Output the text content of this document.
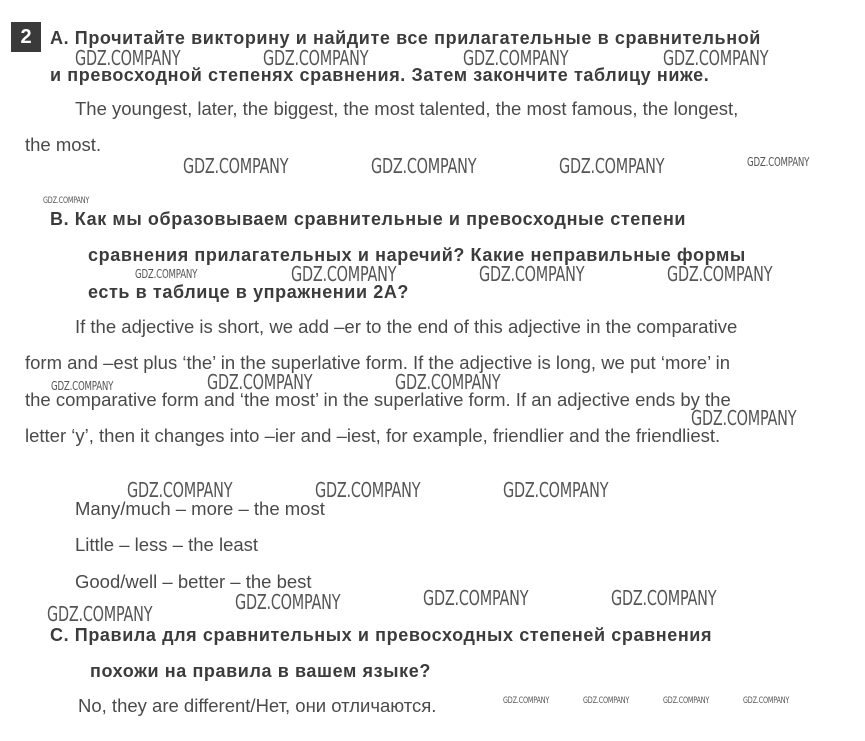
2	A. Прочитайте викторину и найдите все прилагательные в сравнительной
и превосходной степенях сравнения. Затем закончите таблицу ниже.
The youngest, later, the biggest, the most talented, the most famous, the longest,
the most.
B. Как мы образовываем сравнительные и превосходные степени
сравнения прилагательных и наречий? Какие неправильные формы
есть в таблице в упражнении 2А?
If the adjective is short, we add –er to the end of this adjective in the comparative
form and –est plus ‘the’ in the superlative form. If the adjective is long, we put ‘more’ in
the comparative form and ‘the most’ in the superlative form. If an adjective ends by the
letter ‘y’, then it changes into –ier and –iest, for example, friendlier and the friendliest.
Many/much – more – the most
Little – less – the least
Good/well – better – the best
C. Правила для сравнительных и превосходных степеней сравнения
похожи на правила в вашем языке?
No, they are different/Нет, они отличаются.
GDZ.COMPANY	GDZ.COMPANY	GDZ.COMPANY	GDZ.COMPANY
GDZ.COMPANY	GDZ.COMPANY	GDZ.COMPANY	GDZ.COMPANY
GDZ.COMPANY
GDZ.COMPANY	GDZ.COMPANY	GDZ.COMPANY	GDZ.COMPANY
GDZ.COMPANY	GDZ.COMPANY	GDZ.COMPANY
GDZ.COMPANY
GDZ.COMPANY	GDZ.COMPANY	GDZ.COMPANY
GDZ.COMPANY	GDZ.COMPANY	GDZ.COMPANY	GDZ.COMPANY
GDZ.COMPANY	GDZ.COMPANY	GDZ.COMPANY	GDZ.COMPANY
